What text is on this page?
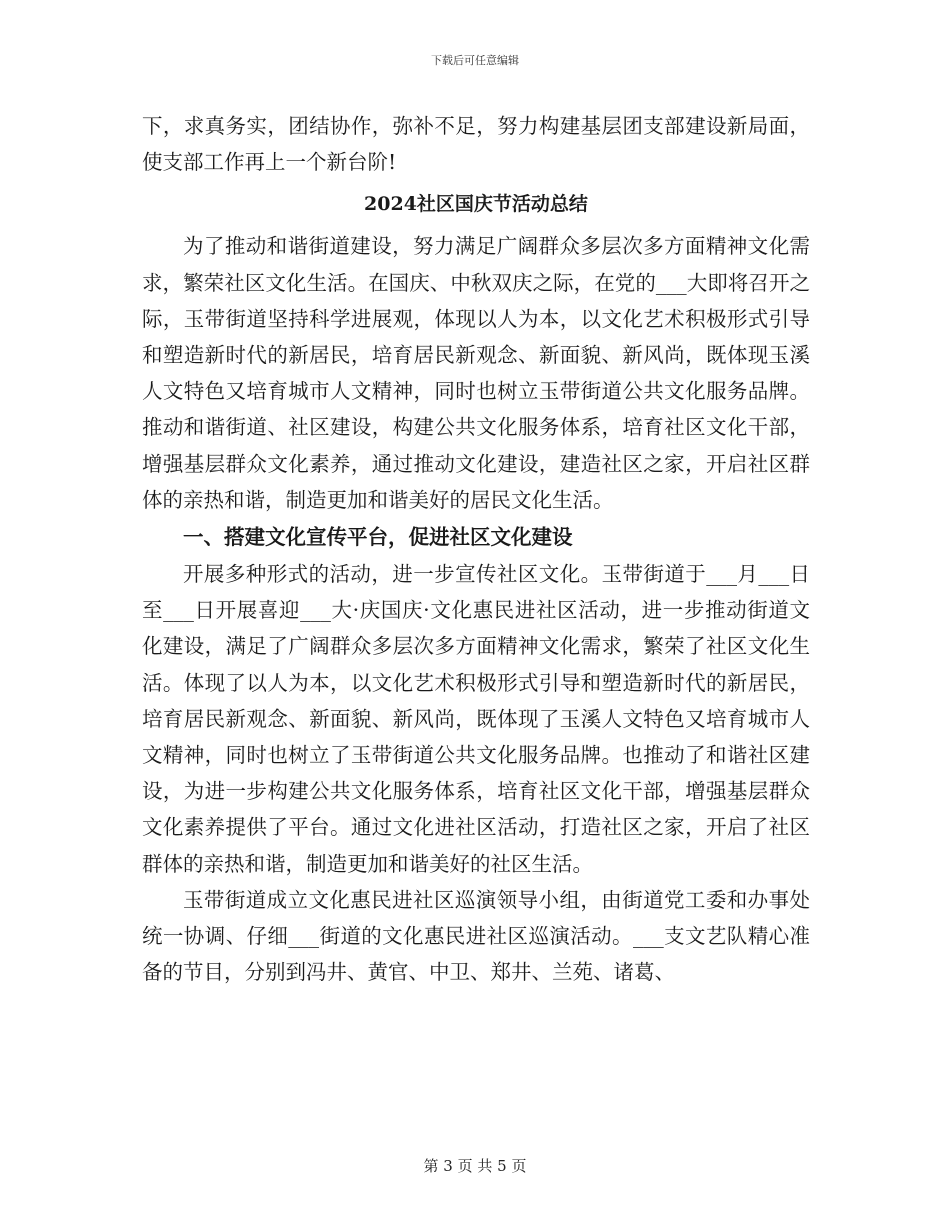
下载后可任意编辑

下，求真务实，团结协作，弥补不足，努力构建基层团支部建设新局面，使支部工作再上一个新台阶!

2024社区国庆节活动总结

为了推动和谐街道建设，努力满足广阔群众多层次多方面精神文化需求，繁荣社区文化生活。在国庆、中秋双庆之际，在党的___大即将召开之际，玉带街道坚持科学进展观，体现以人为本，以文化艺术积极形式引导和塑造新时代的新居民，培育居民新观念、新面貌、新风尚，既体现玉溪人文特色又培育城市人文精神，同时也树立玉带街道公共文化服务品牌。推动和谐街道、社区建设，构建公共文化服务体系，培育社区文化干部，增强基层群众文化素养，通过推动文化建设，建造社区之家，开启社区群体的亲热和谐，制造更加和谐美好的居民文化生活。

一、搭建文化宣传平台，促进社区文化建设

开展多种形式的活动，进一步宣传社区文化。玉带街道于___月___日至___日开展喜迎___大·庆国庆·文化惠民进社区活动，进一步推动街道文化建设，满足了广阔群众多层次多方面精神文化需求，繁荣了社区文化生活。体现了以人为本，以文化艺术积极形式引导和塑造新时代的新居民，培育居民新观念、新面貌、新风尚，既体现了玉溪人文特色又培育城市人文精神，同时也树立了玉带街道公共文化服务品牌。也推动了和谐社区建设，为进一步构建公共文化服务体系，培育社区文化干部，增强基层群众文化素养提供了平台。通过文化进社区活动，打造社区之家，开启了社区群体的亲热和谐，制造更加和谐美好的社区生活。

玉带街道成立文化惠民进社区巡演领导小组，由街道党工委和办事处统一协调、仔细___街道的文化惠民进社区巡演活动。___支文艺队精心准备的节目，分别到冯井、黄官、中卫、郑井、兰苑、诸葛、

第 3 页 共 5 页
